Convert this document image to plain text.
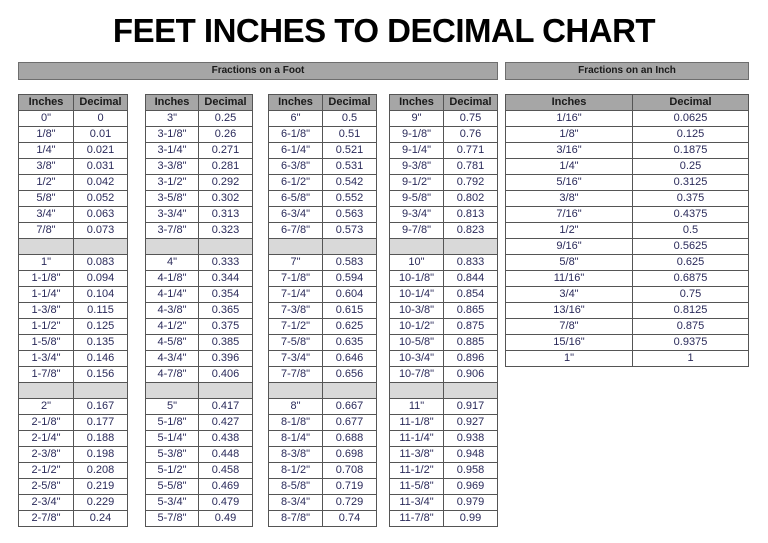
FEET INCHES TO DECIMAL CHART
Fractions on a Foot	Fractions on an Inch
Inches	Decimal
0"	0
1/8"	0.01
1/4"	0.021
3/8"	0.031
1/2"	0.042
5/8"	0.052
3/4"	0.063
7/8"	0.073

1"	0.083
1-1/8"	0.094
1-1/4"	0.104
1-3/8"	0.115
1-1/2"	0.125
1-5/8"	0.135
1-3/4"	0.146
1-7/8"	0.156

2"	0.167
2-1/8"	0.177
2-1/4"	0.188
2-3/8"	0.198
2-1/2"	0.208
2-5/8"	0.219
2-3/4"	0.229
2-7/8"	0.24
Inches	Decimal
3"	0.25
3-1/8"	0.26
3-1/4"	0.271
3-3/8"	0.281
3-1/2"	0.292
3-5/8"	0.302
3-3/4"	0.313
3-7/8"	0.323

4"	0.333
4-1/8"	0.344
4-1/4"	0.354
4-3/8"	0.365
4-1/2"	0.375
4-5/8"	0.385
4-3/4"	0.396
4-7/8"	0.406

5"	0.417
5-1/8"	0.427
5-1/4"	0.438
5-3/8"	0.448
5-1/2"	0.458
5-5/8"	0.469
5-3/4"	0.479
5-7/8"	0.49
Inches	Decimal
6"	0.5
6-1/8"	0.51
6-1/4"	0.521
6-3/8"	0.531
6-1/2"	0.542
6-5/8"	0.552
6-3/4"	0.563
6-7/8"	0.573

7"	0.583
7-1/8"	0.594
7-1/4"	0.604
7-3/8"	0.615
7-1/2"	0.625
7-5/8"	0.635
7-3/4"	0.646
7-7/8"	0.656

8"	0.667
8-1/8"	0.677
8-1/4"	0.688
8-3/8"	0.698
8-1/2"	0.708
8-5/8"	0.719
8-3/4"	0.729
8-7/8"	0.74
Inches	Decimal
9"	0.75
9-1/8"	0.76
9-1/4"	0.771
9-3/8"	0.781
9-1/2"	0.792
9-5/8"	0.802
9-3/4"	0.813
9-7/8"	0.823

10"	0.833
10-1/8"	0.844
10-1/4"	0.854
10-3/8"	0.865
10-1/2"	0.875
10-5/8"	0.885
10-3/4"	0.896
10-7/8"	0.906

11"	0.917
11-1/8"	0.927
11-1/4"	0.938
11-3/8"	0.948
11-1/2"	0.958
11-5/8"	0.969
11-3/4"	0.979
11-7/8"	0.99
Inches	Decimal
1/16"	0.0625
1/8"	0.125
3/16"	0.1875
1/4"	0.25
5/16"	0.3125
3/8"	0.375
7/16"	0.4375
1/2"	0.5
9/16"	0.5625
5/8"	0.625
11/16"	0.6875
3/4"	0.75
13/16"	0.8125
7/8"	0.875
15/16"	0.9375
1"	1
